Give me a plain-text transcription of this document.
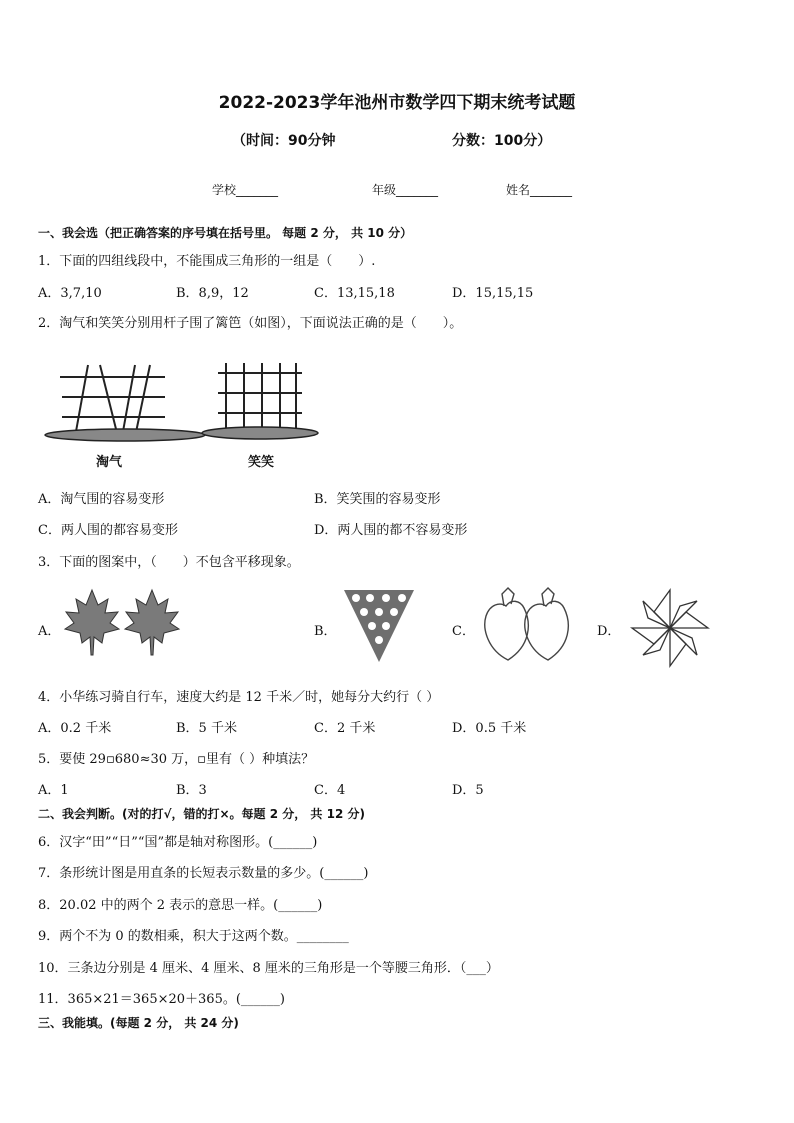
2022-2023学年池州市数学四下期末统考试题
（时间：90分钟	分数：100分）
学校_______	年级_______	姓名_______
一、我会选（把正确答案的序号填在括号里。 每题 2 分， 共 10 分）
1．下面的四组线段中，不能围成三角形的一组是（　　）.
A．3,7,10	B．8,9，12	C．13,15,18	D．15,15,15
2．淘气和笑笑分别用杆子围了篱笆（如图），下面说法正确的是（　　）。
淘气	笑笑
A．淘气围的容易变形	B．笑笑围的容易变形
C．两人围的都容易变形	D．两人围的都不容易变形
3．下面的图案中，（　　）不包含平移现象。
A．	B．	C．	D．
4．小华练习骑自行车，速度大约是 12 千米／时，她每分大约行（ ）
A．0.2 千米	B．5 千米	C．2 千米	D．0.5 千米
5．要使 29▫680≈30 万，▫里有（ ）种填法？
A．1	B．3	C．4	D．5
二、我会判断。(对的打√，错的打×。每题 2 分， 共 12 分)
6．汉字“田”“日”“国”都是轴对称图形。(______)
7．条形统计图是用直条的长短表示数量的多少。(______)
8．20.02 中的两个 2 表示的意思一样。(______)
9．两个不为 0 的数相乘，积大于这两个数。________
10．三条边分别是 4 厘米、4 厘米、8 厘米的三角形是一个等腰三角形．（___）
11．365×21＝365×20＋365。(______)
三、我能填。(每题 2 分， 共 24 分)
